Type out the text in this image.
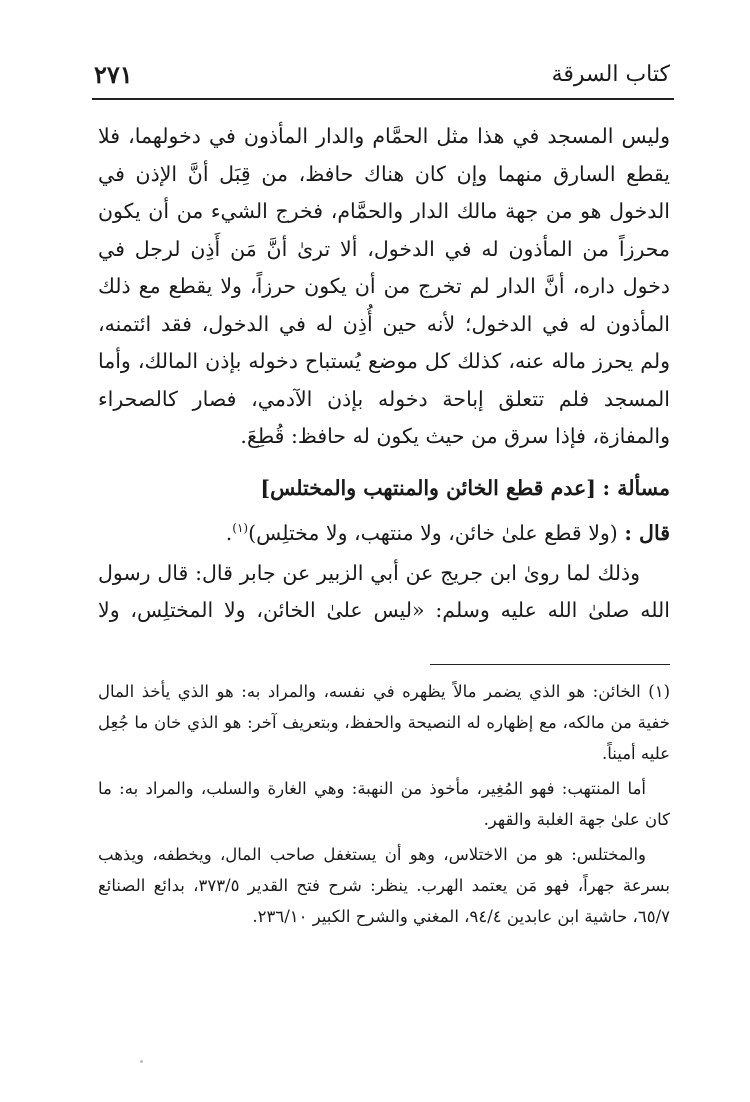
كتاب السرقة
٢٧١

وليس المسجد في هذا مثل الحمَّام والدار المأذون في دخولهما، فلا يقطع السارق منهما وإن كان هناك حافظ، من قِبَل أنَّ الإذن في الدخول هو من جهة مالك الدار والحمَّام، فخرج الشيء من أن يكون محرزاً من المأذون له في الدخول، ألا ترىٰ أنَّ مَن أَذِن لرجل في دخول داره، أنَّ الدار لم تخرج من أن يكون حرزاً، ولا يقطع مع ذلك المأذون له في الدخول؛ لأنه حين أُذِن له في الدخول، فقد ائتمنه، ولم يحرز ماله عنه، كذلك كل موضع يُستباح دخوله بإذن المالك، وأما المسجد فلم تتعلق إباحة دخوله بإذن الآدمي، فصار كالصحراء والمفازة، فإذا سرق من حيث يكون له حافظ: قُطِعَ.

مسألة : [عدم قطع الخائن والمنتهب والمختلس]
قال : (ولا قطع علىٰ خائن، ولا منتهب، ولا مختلِس)$^{(١)}$.

وذلك لما روىٰ ابن جريج عن أبي الزبير عن جابر قال: قال رسول الله صلىٰ الله عليه وسلم: «ليس علىٰ الخائن، ولا المختلِس، ولا

(١) الخائن: هو الذي يضمر مالاً يظهره في نفسه، والمراد به: هو الذي يأخذ المال خفية من مالكه، مع إظهاره له النصيحة والحفظ، وبتعريف آخر: هو الذي خان ما جُعِل عليه أميناً.

أما المنتهب: فهو المُغِير، مأخوذ من النهبة: وهي الغارة والسلب، والمراد به: ما كان علىٰ جهة الغلبة والقهر.

والمختلس: هو من الاختلاس، وهو أن يستغفل صاحب المال، ويخطفه، ويذهب بسرعة جهراً، فهو مَن يعتمد الهرب. ينظر: شرح فتح القدير ٣٧٣/٥، بدائع الصنائع ٦٥/٧، حاشية ابن عابدين ٩٤/٤، المغني والشرح الكبير ٢٣٦/١٠.
